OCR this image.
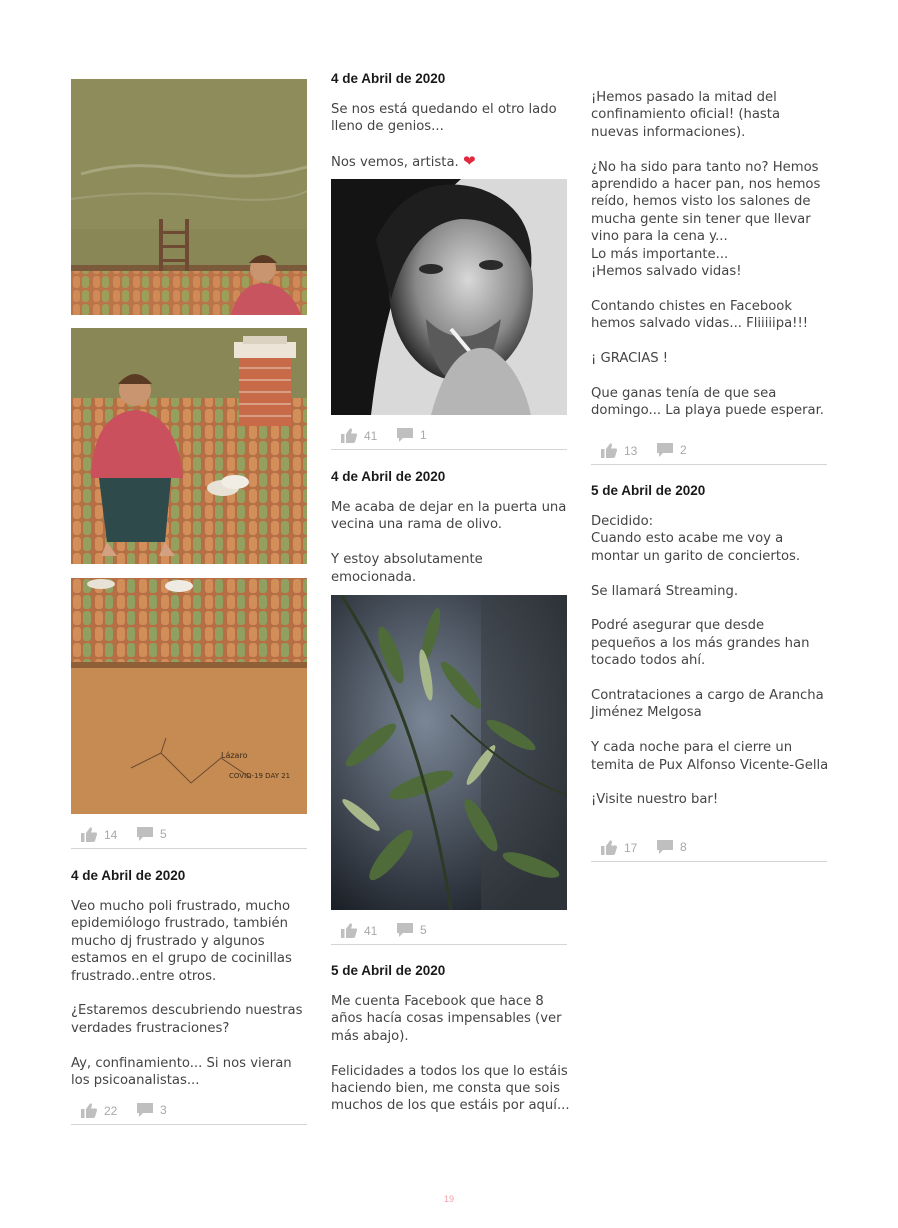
Lázaro
COVID-19 DAY 21
14	5
4 de Abril de 2020

Veo mucho poli frustrado, mucho epidemiólogo frustrado, también mucho dj frustrado y algunos estamos en el grupo de cocinillas frustrado..entre otros.

¿Estaremos descubriendo nuestras verdades frustraciones?

Ay, confinamiento... Si nos vieran los psicoanalistas...

22	3
4 de Abril de 2020

Se nos está quedando el otro lado lleno de genios...

Nos vemos, artista. ❤

41	1
4 de Abril de 2020

Me acaba de dejar en la puerta una vecina una rama de olivo.

Y estoy absolutamente emocionada.

41	5
5 de Abril de 2020

Me cuenta Facebook que hace 8 años hacía cosas impensables (ver más abajo).

Felicidades a todos los que lo estáis haciendo bien, me consta que sois muchos de los que estáis por aquí...

¡Hemos pasado la mitad del confinamiento oficial! (hasta nuevas informaciones).

¿No ha sido para tanto no? Hemos aprendido a hacer pan, nos hemos reído, hemos visto los salones de mucha gente sin tener que llevar vino para la cena y...
Lo más importante...
¡Hemos salvado vidas!

Contando chistes en Facebook hemos salvado vidas... Fliiiiipa!!!

¡ GRACIAS !

Que ganas tenía de que sea domingo... La playa puede esperar.

13	2
5 de Abril de 2020

Decidido:
Cuando esto acabe me voy a montar un garito de conciertos.

Se llamará Streaming.

Podré asegurar que desde pequeños a los más grandes han tocado todos ahí.

Contrataciones a cargo de Arancha Jiménez Melgosa

Y cada noche para el cierre un temita de Pux Alfonso Vicente-Gella

¡Visite nuestro bar!

17	8
19
